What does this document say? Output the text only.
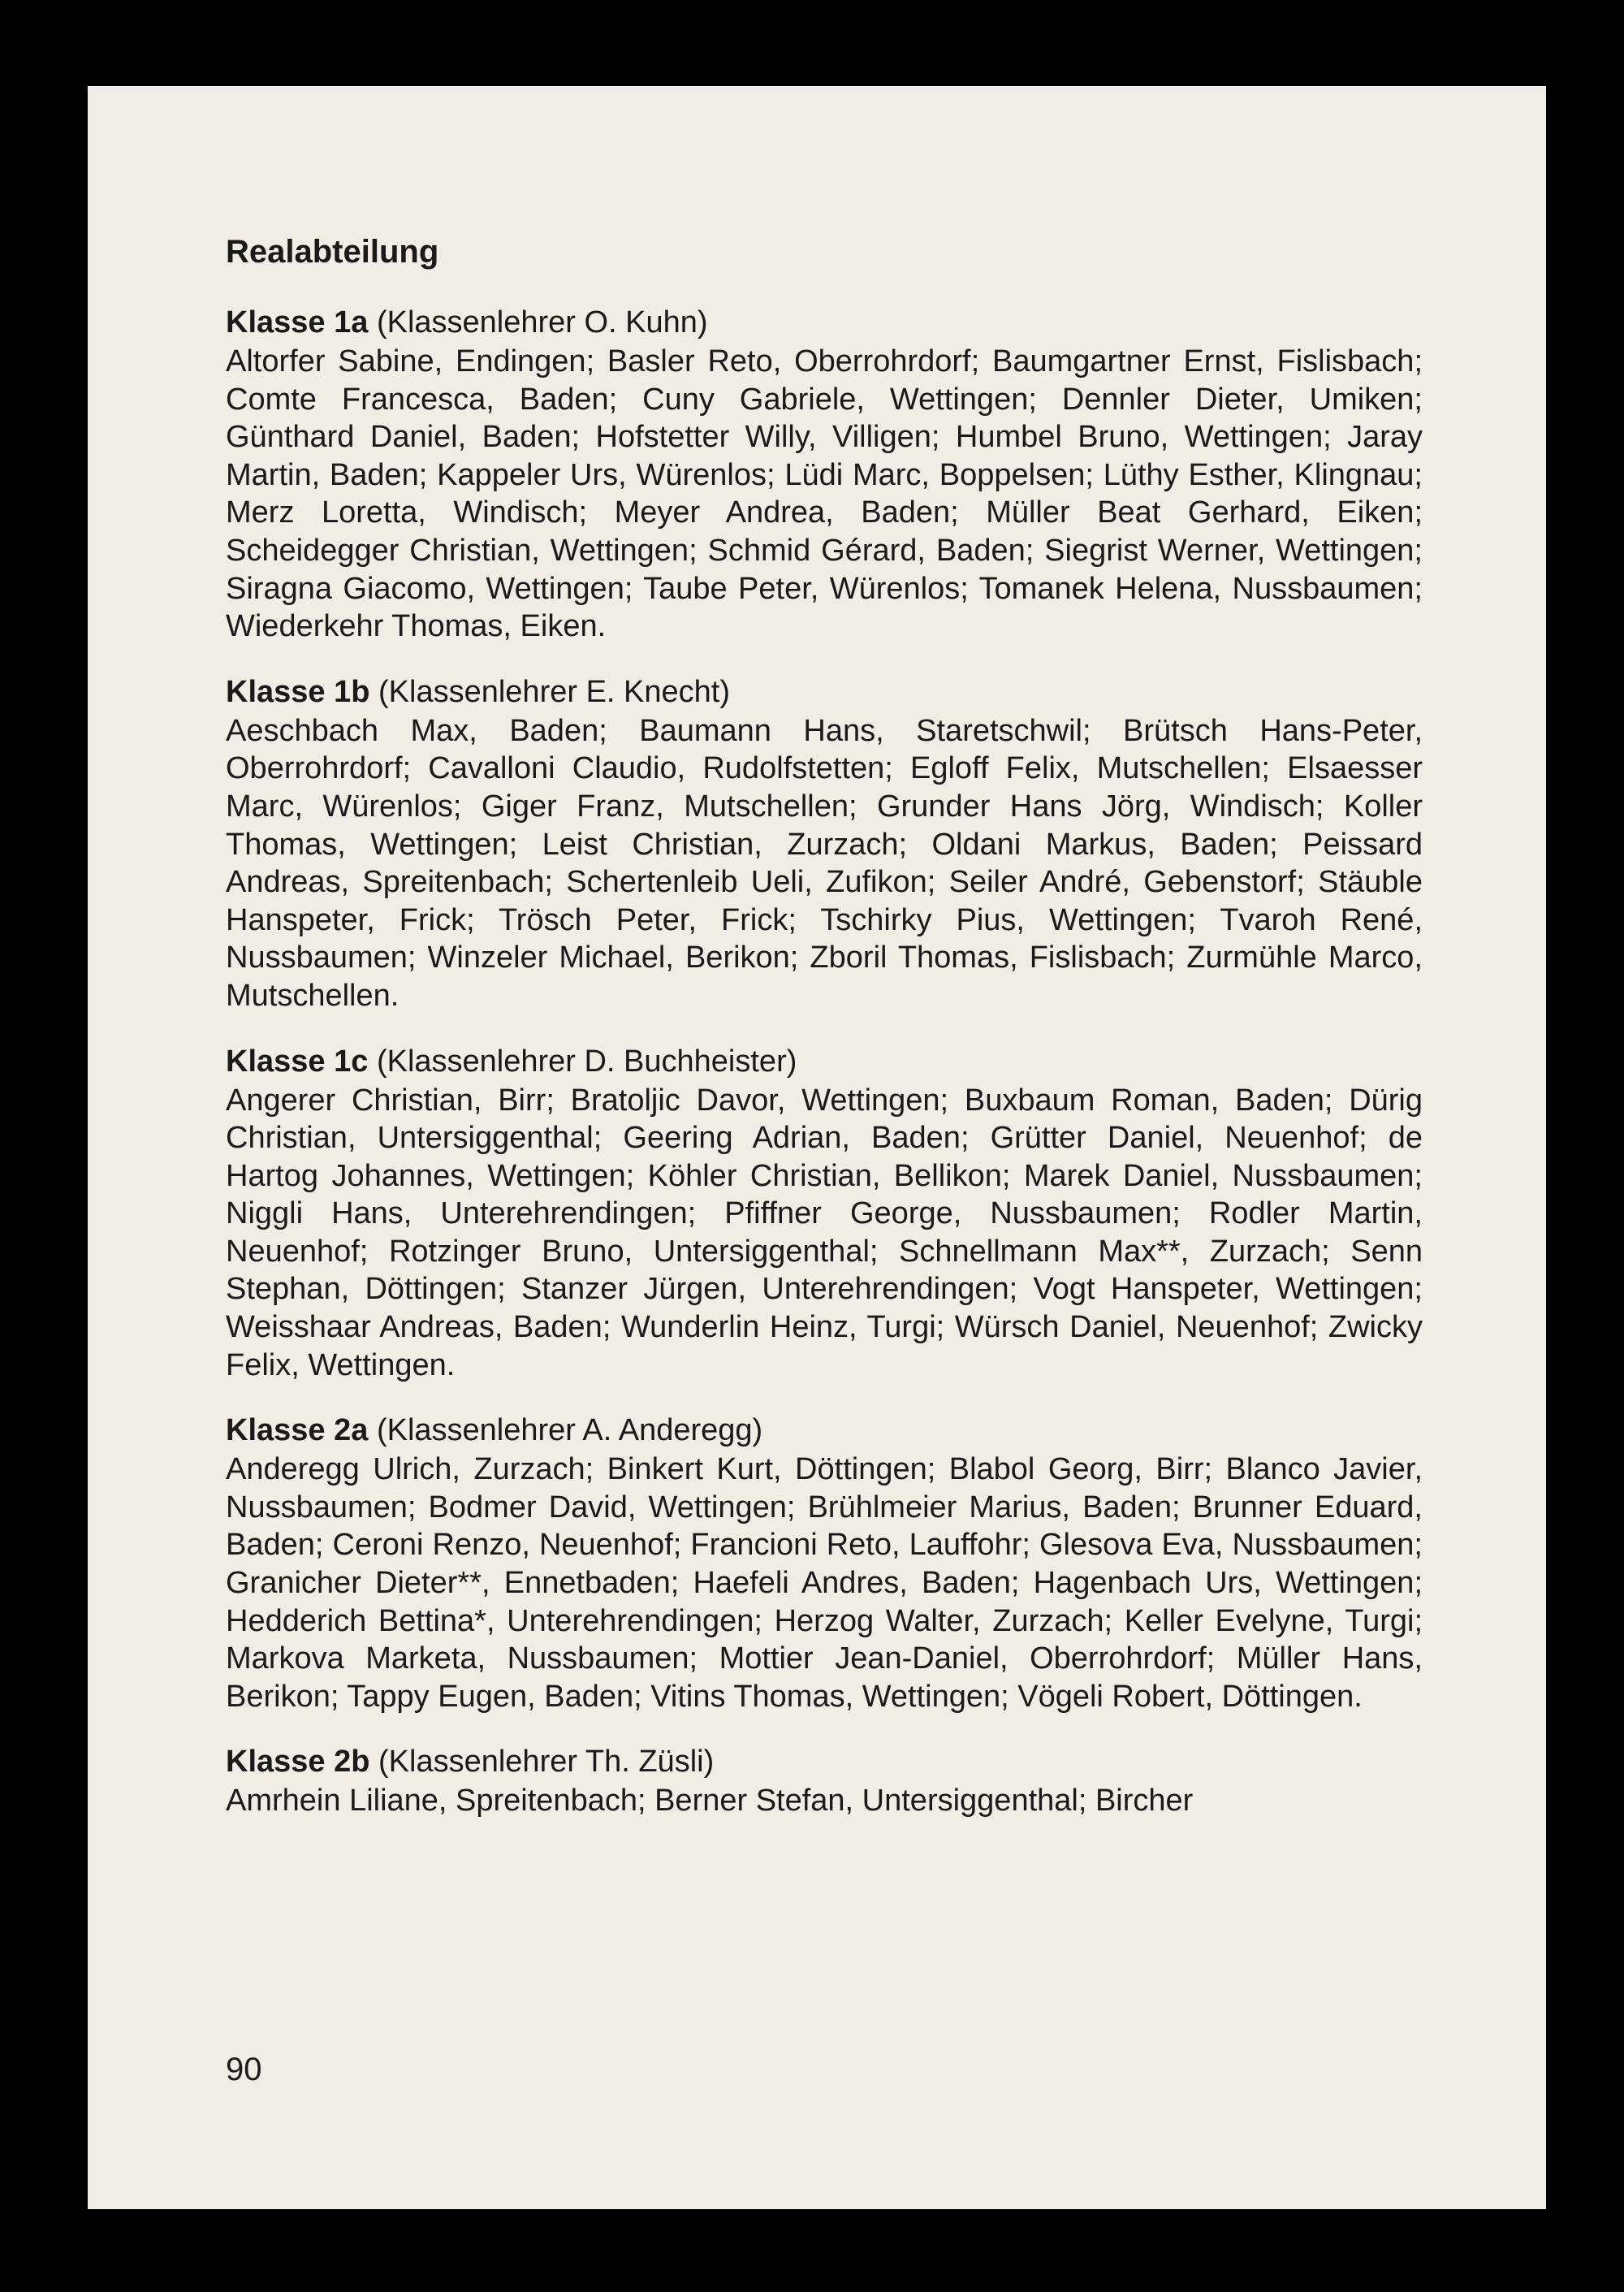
Realabteilung

Klasse 1a (Klassenlehrer O. Kuhn)

Altorfer Sabine, Endingen; Basler Reto, Oberrohrdorf; Baumgartner Ernst, Fislisbach; Comte Francesca, Baden; Cuny Gabriele, Wettingen; Dennler Dieter, Umiken; Günthard Daniel, Baden; Hofstetter Willy, Villigen; Humbel Bruno, Wettingen; Jaray Martin, Baden; Kappeler Urs, Würenlos; Lüdi Marc, Boppelsen; Lüthy Esther, Klingnau; Merz Loretta, Windisch; Meyer Andrea, Baden; Müller Beat Gerhard, Eiken; Scheidegger Christian, Wettingen; Schmid Gérard, Baden; Siegrist Werner, Wettingen; Siragna Giacomo, Wettingen; Taube Peter, Würenlos; Tomanek Helena, Nussbaumen; Wiederkehr Thomas, Eiken.

Klasse 1b (Klassenlehrer E. Knecht)

Aeschbach Max, Baden; Baumann Hans, Staretschwil; Brütsch Hans-Peter, Oberrohrdorf; Cavalloni Claudio, Rudolfstetten; Egloff Felix, Mutschellen; Elsaesser Marc, Würenlos; Giger Franz, Mutschellen; Grunder Hans Jörg, Windisch; Koller Thomas, Wettingen; Leist Christian, Zurzach; Oldani Markus, Baden; Peissard Andreas, Spreitenbach; Schertenleib Ueli, Zufikon; Seiler André, Gebenstorf; Stäuble Hanspeter, Frick; Trösch Peter, Frick; Tschirky Pius, Wettingen; Tvaroh René, Nussbaumen; Winzeler Michael, Berikon; Zboril Thomas, Fislisbach; Zurmühle Marco, Mutschellen.

Klasse 1c (Klassenlehrer D. Buchheister)

Angerer Christian, Birr; Bratoljic Davor, Wettingen; Buxbaum Roman, Baden; Dürig Christian, Untersiggenthal; Geering Adrian, Baden; Grütter Daniel, Neuenhof; de Hartog Johannes, Wettingen; Köhler Christian, Bellikon; Marek Daniel, Nussbaumen; Niggli Hans, Unterehrendingen; Pfiffner George, Nussbaumen; Rodler Martin, Neuenhof; Rotzinger Bruno, Untersiggenthal; Schnellmann Max**, Zurzach; Senn Stephan, Döttingen; Stanzer Jürgen, Unterehrendingen; Vogt Hanspeter, Wettingen; Weisshaar Andreas, Baden; Wunderlin Heinz, Turgi; Würsch Daniel, Neuenhof; Zwicky Felix, Wettingen.

Klasse 2a (Klassenlehrer A. Anderegg)

Anderegg Ulrich, Zurzach; Binkert Kurt, Döttingen; Blabol Georg, Birr; Blanco Javier, Nussbaumen; Bodmer David, Wettingen; Brühlmeier Marius, Baden; Brunner Eduard, Baden; Ceroni Renzo, Neuenhof; Francioni Reto, Lauffohr; Glesova Eva, Nussbaumen; Granicher Dieter**, Ennetbaden; Haefeli Andres, Baden; Hagenbach Urs, Wettingen; Hedderich Bettina*, Unterehrendingen; Herzog Walter, Zurzach; Keller Evelyne, Turgi; Markova Marketa, Nussbaumen; Mottier Jean-Daniel, Oberrohrdorf; Müller Hans, Berikon; Tappy Eugen, Baden; Vitins Thomas, Wettingen; Vögeli Robert, Döttingen.

Klasse 2b (Klassenlehrer Th. Züsli)

Amrhein Liliane, Spreitenbach; Berner Stefan, Untersiggenthal; Bircher

90
